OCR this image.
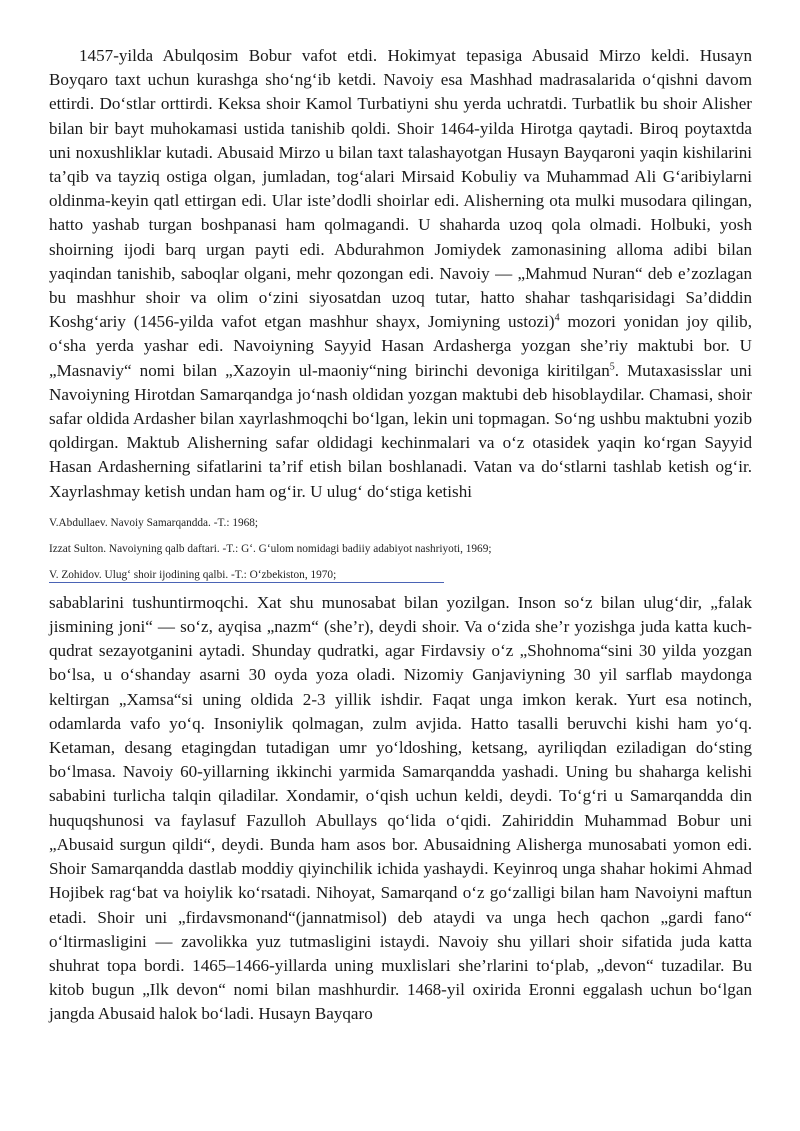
1457-yilda Abulqosim Bobur vafot etdi. Hokimyat tepasiga Abusaid Mirzo keldi. Husayn Boyqaro taxt uchun kurashga sho‘ng‘ib ketdi. Navoiy esa Mashhad madrasalarida o‘qishni davom ettirdi. Do‘stlar orttirdi. Keksa shoir Kamol Turbatiyni shu yerda uchratdi. Turbatlik bu shoir Alisher bilan bir bayt muhokamasi ustida tanishib qoldi. Shoir 1464-yilda Hirotga qaytadi. Biroq poytaxtda uni noxushliklar kutadi. Abusaid Mirzo u bilan taxt talashayotgan Husayn Bayqaroni yaqin kishilarini ta’qib va tayziq ostiga olgan, jumladan, tog‘alari Mirsaid Kobuliy va Muhammad Ali G‘aribiylarni oldinma-keyin qatl ettirgan edi. Ular iste’dodli shoirlar edi. Alisherning ota mulki musodara qilingan, hatto yashab turgan boshpanasi ham qolmagandi. U shaharda uzoq qola olmadi. Holbuki, yosh shoirning ijodi barq urgan payti edi. Abdurahmon Jomiydek zamonasining alloma adibi bilan yaqindan tanishib, saboqlar olgani, mehr qozongan edi. Navoiy — „Mahmud Nuran“ deb e’zozlagan bu mashhur shoir va olim o‘zini siyosatdan uzoq tutar, hatto shahar tashqarisidagi Sa’diddin Koshg‘ariy (1456-yilda vafot etgan mashhur shayx, Jomiyning ustozi)$^4$ mozori yonidan joy qilib, o‘sha yerda yashar edi. Navoiyning Sayyid Hasan Ardasherga yozgan she’riy maktubi bor. U „Masnaviy“ nomi bilan „Xazoyin ul-maoniy“ning birinchi devoniga kiritilgan$^5$. Mutaxasisslar uni Navoiyning Hirotdan Samarqandga jo‘nash oldidan yozgan maktubi deb hisoblaydilar. Chamasi, shoir safar oldida Ardasher bilan xayrlashmoqchi bo‘lgan, lekin uni topmagan. So‘ng ushbu maktubni yozib qoldirgan. Maktub Alisherning safar oldidagi kechinmalari va o‘z otasidek yaqin ko‘rgan Sayyid Hasan Ardasherning sifatlarini ta’rif etish bilan boshlanadi. Vatan va do‘stlarni tashlab ketish og‘ir. Xayrlashmay ketish undan ham og‘ir. U ulug‘ do‘stiga ketishi

V.Abdullaev. Navoiy Samarqandda. -T.: 1968;

Izzat Sulton. Navoiyning qalb daftari. -T.: G‘. G‘ulom nomidagi badiiy adabiyot nashriyoti, 1969;

V. Zohidov. Ulug‘ shoir ijodining qalbi. -T.: O‘zbekiston, 1970;

sabablarini tushuntirmoqchi. Xat shu munosabat bilan yozilgan. Inson so‘z bilan ulug‘dir, „falak jismining joni“ — so‘z, ayqisa „nazm“ (she’r), deydi shoir. Va o‘zida she’r yozishga juda katta kuch-qudrat sezayotganini aytadi. Shunday qudratki, agar Firdavsiy o‘z „Shohnoma“sini 30 yilda yozgan bo‘lsa, u o‘shanday asarni 30 oyda yoza oladi. Nizomiy Ganjaviyning 30 yil sarflab maydonga keltirgan „Xamsa“si uning oldida 2-3 yillik ishdir. Faqat unga imkon kerak. Yurt esa notinch, odamlarda vafo yo‘q. Insoniylik qolmagan, zulm avjida. Hatto tasalli beruvchi kishi ham yo‘q. Ketaman, desang etagingdan tutadigan umr yo‘ldoshing, ketsang, ayriliqdan eziladigan do‘sting bo‘lmasa. Navoiy 60-yillarning ikkinchi yarmida Samarqandda yashadi. Uning bu shaharga kelishi sababini turlicha talqin qiladilar. Xondamir, o‘qish uchun keldi, deydi. To‘g‘ri u Samarqandda din huquqshunosi va faylasuf Fazulloh Abullays qo‘lida o‘qidi. Zahiriddin Muhammad Bobur uni „Abusaid surgun qildi“, deydi. Bunda ham asos bor. Abusaidning Alisherga munosabati yomon edi. Shoir Samarqandda dastlab moddiy qiyinchilik ichida yashaydi. Keyinroq unga shahar hokimi Ahmad Hojibek rag‘bat va hoiylik ko‘rsatadi. Nihoyat, Samarqand o‘z go‘zalligi bilan ham Navoiyni maftun etadi. Shoir uni „firdavsmonand“(jannatmisol) deb ataydi va unga hech qachon „gardi fano“ o‘ltirmasligini — zavolikka yuz tutmasligini istaydi. Navoiy shu yillari shoir sifatida juda katta shuhrat topa bordi. 1465–1466-yillarda uning muxlislari she’rlarini to‘plab, „devon“ tuzadilar. Bu kitob bugun „Ilk devon“ nomi bilan mashhurdir. 1468-yil oxirida Eronni eggalash uchun bo‘lgan jangda Abusaid halok bo‘ladi. Husayn Bayqaro
